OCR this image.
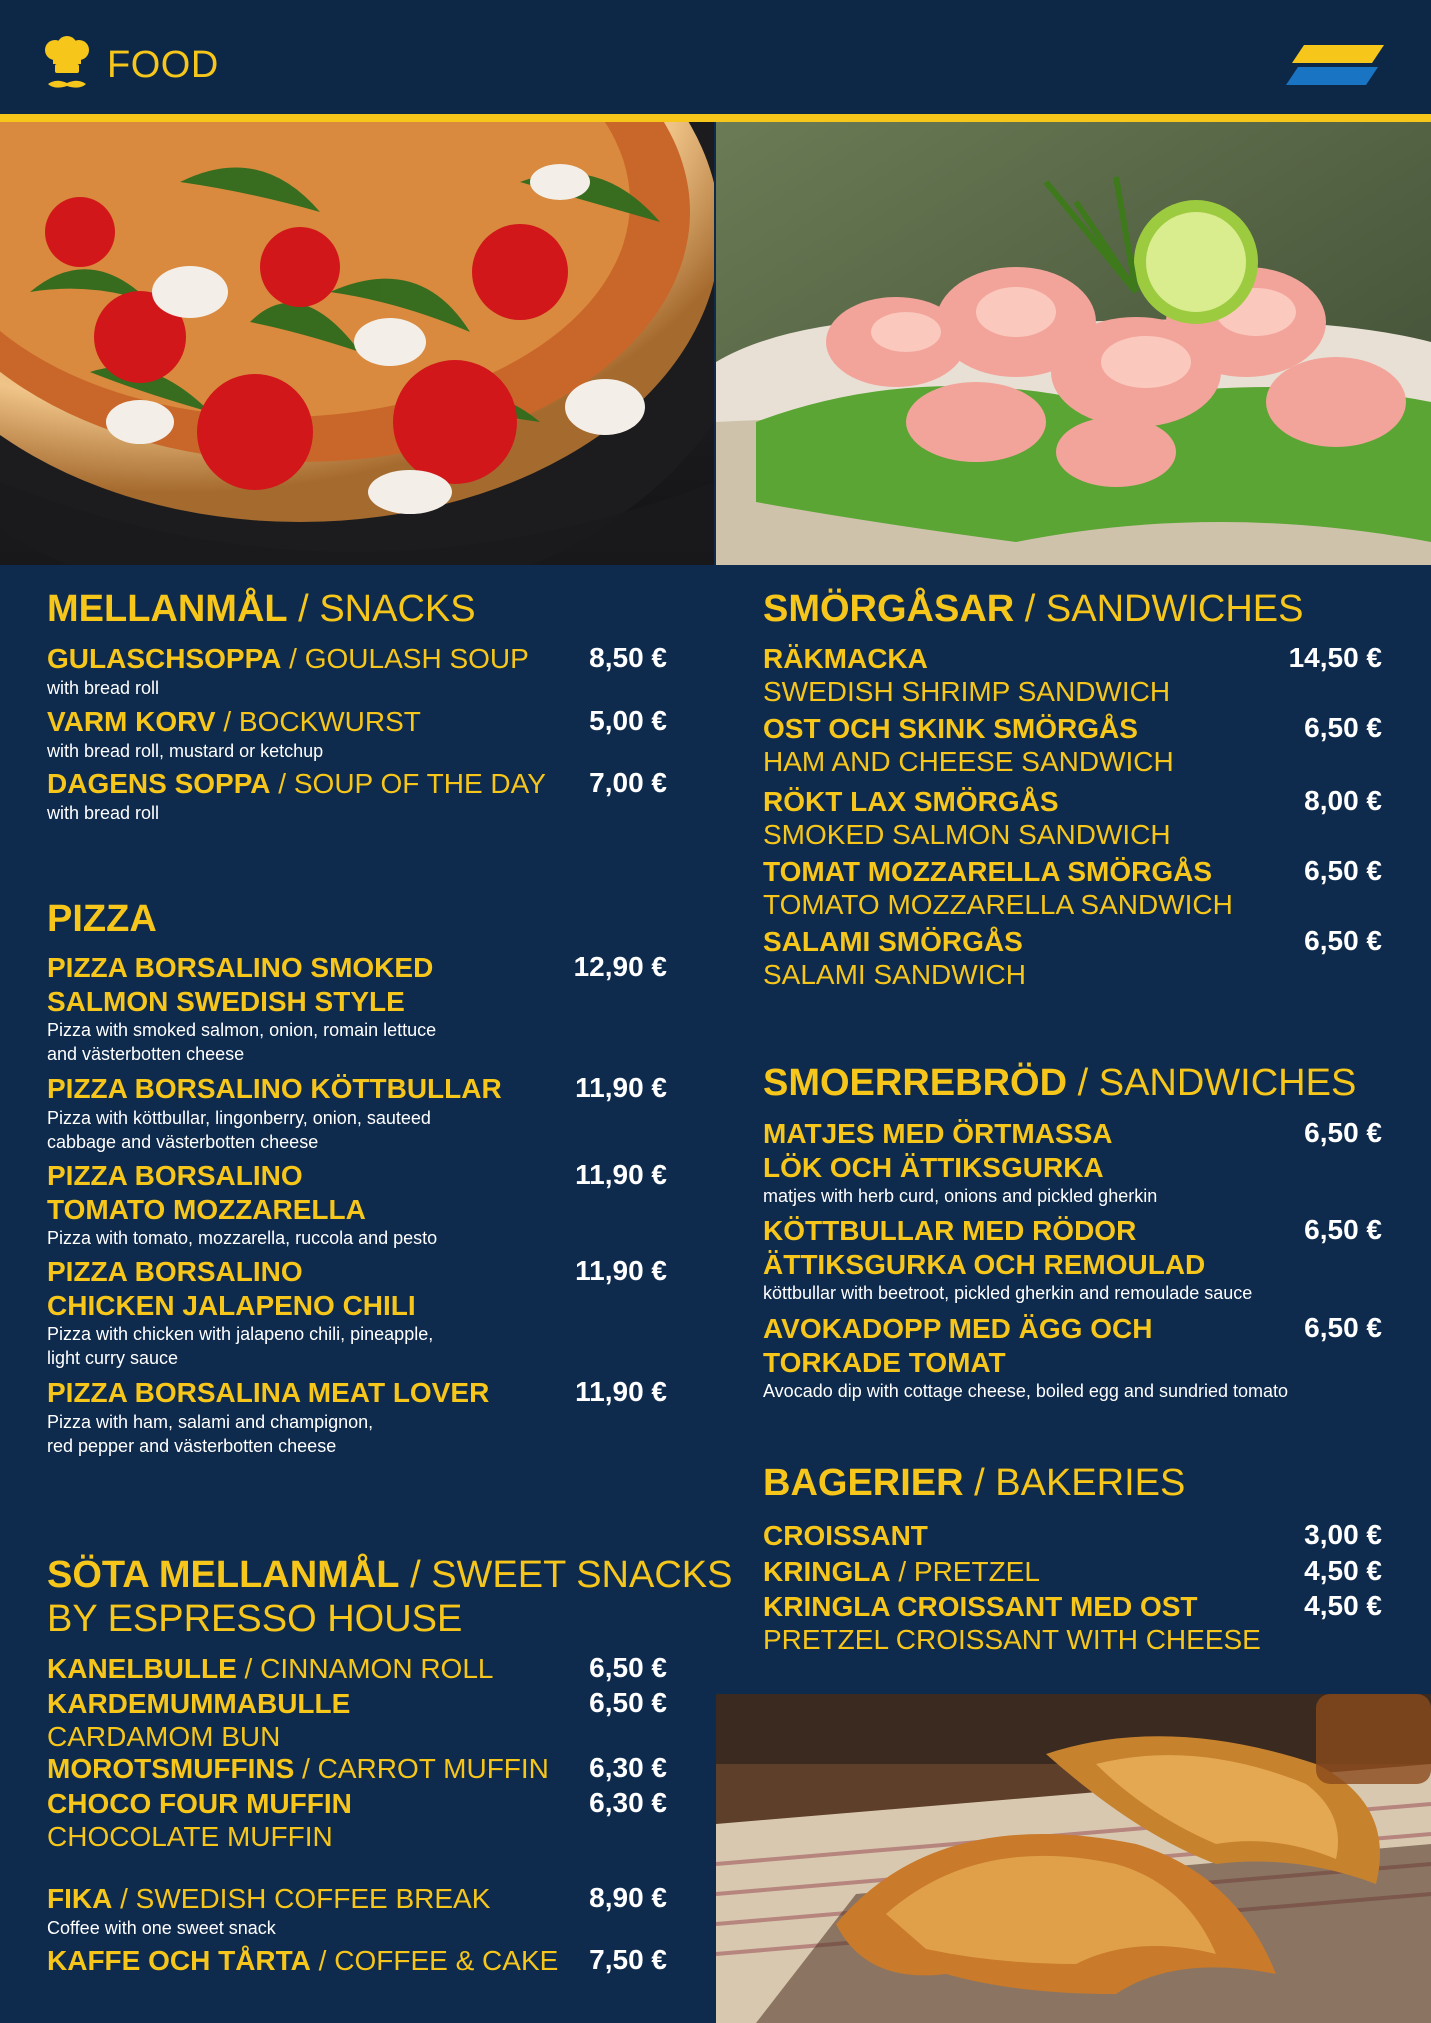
FOOD
MELLANMÅL / SNACKS
GULASCHSOPPA / GOULASH SOUP
with bread roll
8,50 €
VARM KORV / BOCKWURST
with bread roll, mustard or ketchup
5,00 €
DAGENS SOPPA / SOUP OF THE DAY
with bread roll
7,00 €
PIZZA
PIZZA BORSALINO SMOKED
SALMON SWEDISH STYLE
Pizza with smoked salmon, onion, romain lettuce
and västerbotten cheese
12,90 €
PIZZA BORSALINO KÖTTBULLAR
Pizza with köttbullar, lingonberry, onion, sauteed
cabbage and västerbotten cheese
11,90 €
PIZZA BORSALINO
TOMATO MOZZARELLA
Pizza with tomato, mozzarella, ruccola and pesto
11,90 €
PIZZA BORSALINO
CHICKEN JALAPENO CHILI
Pizza with chicken with jalapeno chili, pineapple,
light curry sauce
11,90 €
PIZZA BORSALINA MEAT LOVER
Pizza with ham, salami and champignon,
red pepper and västerbotten cheese
11,90 €
SÖTA MELLANMÅL / SWEET SNACKS
BY ESPRESSO HOUSE
KANELBULLE / CINNAMON ROLL	6,50 €
KARDEMUMMABULLE
CARDAMOM BUN
6,50 €
MOROTSMUFFINS / CARROT MUFFIN 6,30 €
CHOCO FOUR MUFFIN
CHOCOLATE MUFFIN
6,30 €
FIKA / SWEDISH COFFEE BREAK
Coffee with one sweet snack
8,90 €
KAFFE OCH TÅRTA / COFFEE & CAKE 7,50 €
SMÖRGÅSAR / SANDWICHES
RÄKMACKA
SWEDISH SHRIMP SANDWICH
14,50 €
OST OCH SKINK SMÖRGÅS
HAM AND CHEESE SANDWICH
6,50 €
RÖKT LAX SMÖRGÅS
SMOKED SALMON SANDWICH
8,00 €
TOMAT MOZZARELLA SMÖRGÅS
TOMATO MOZZARELLA SANDWICH
6,50 €
SALAMI SMÖRGÅS
SALAMI SANDWICH
6,50 €
SMOERREBRÖD / SANDWICHES
MATJES MED ÖRTMASSA
LÖK OCH ÄTTIKSGURKA
matjes with herb curd, onions and pickled gherkin
6,50 €
KÖTTBULLAR MED RÖDOR
ÄTTIKSGURKA OCH REMOULAD
köttbullar with beetroot, pickled gherkin and remoulade sauce
6,50 €
AVOKADOPP MED ÄGG OCH
TORKADE TOMAT
Avocado dip with cottage cheese, boiled egg and sundried tomato
6,50 €
BAGERIER / BAKERIES
CROISSANT	3,00 €
KRINGLA / PRETZEL	4,50 €
KRINGLA CROISSANT MED OST
PRETZEL CROISSANT WITH CHEESE
4,50 €
